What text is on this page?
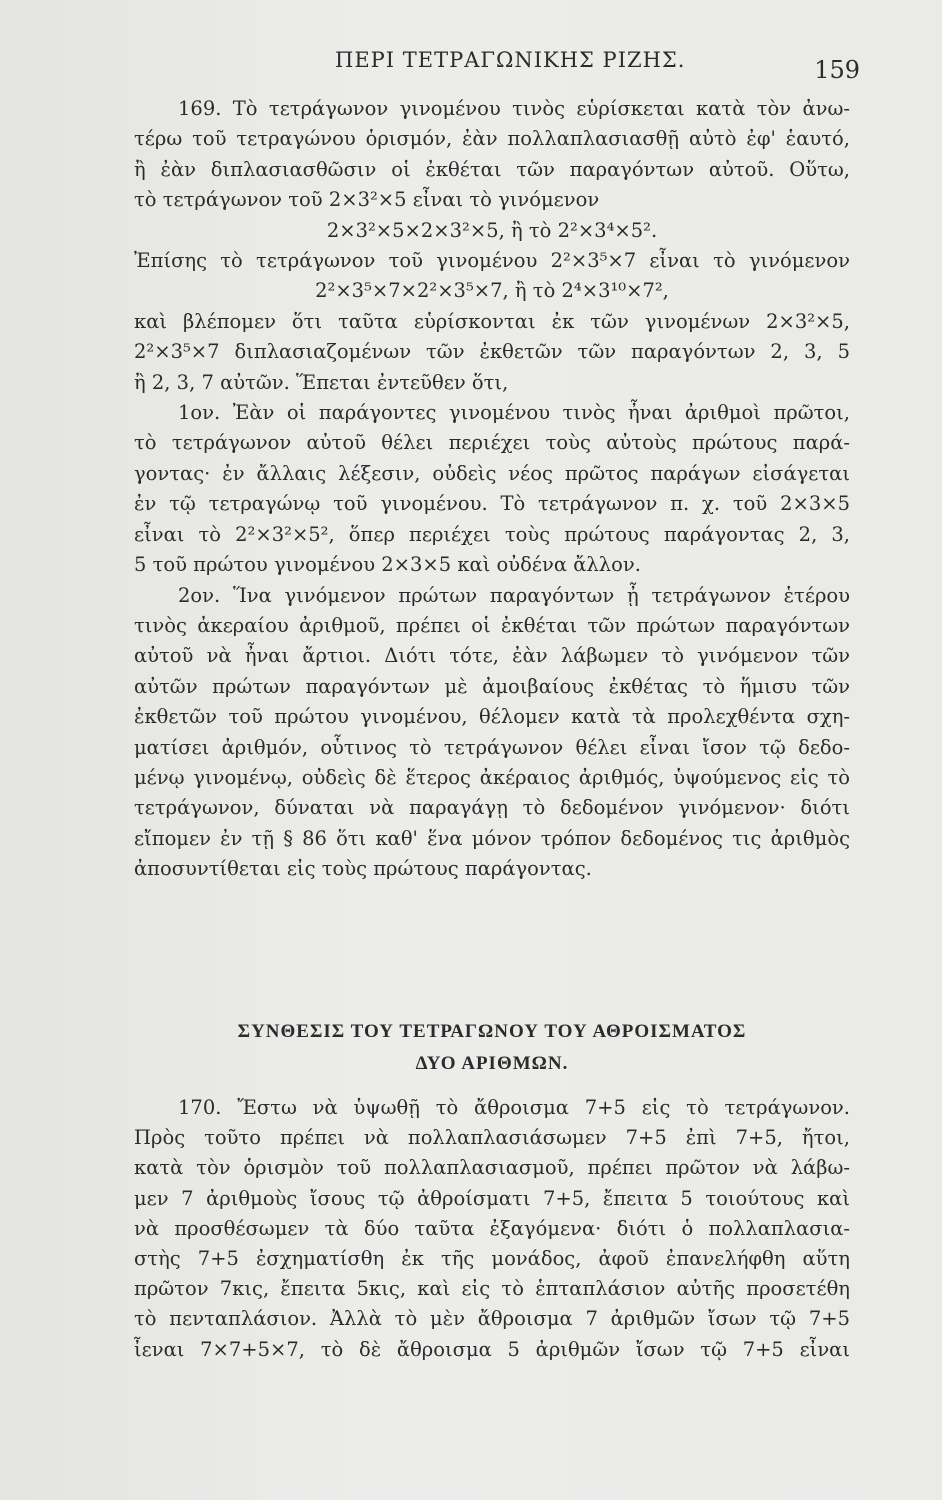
ΠΕΡΙ ΤΕΤΡΑΓΩΝΙΚΗΣ ΡΙΖΗΣ.	159
169. Τὸ τετράγωνον γινομένου τινὸς εὑρίσκεται κατὰ τὸν ἀνω-
τέρω τοῦ τετραγώνου ὁρισμόν, ἐὰν πολλαπλασιασθῇ αὐτὸ ἐφ' ἑαυτό,
ἢ ἐὰν διπλασιασθῶσιν οἱ ἐκθέται τῶν παραγόντων αὐτοῦ. Οὕτω,
τὸ τετράγωνον τοῦ 2×3²×5 εἶναι τὸ γινόμενον
2×3²×5×2×3²×5, ἢ τὸ 2²×3⁴×5².
Ἐπίσης τὸ τετράγωνον τοῦ γινομένου 2²×3⁵×7 εἶναι τὸ γινόμενον
2²×3⁵×7×2²×3⁵×7, ἢ τὸ 2⁴×3¹⁰×7²,
καὶ βλέπομεν ὅτι ταῦτα εὑρίσκονται ἐκ τῶν γινομένων 2×3²×5,
2²×3⁵×7 διπλασιαζομένων τῶν ἐκθετῶν τῶν παραγόντων 2, 3, 5
ἢ 2, 3, 7 αὐτῶν. Ἕπεται ἐντεῦθεν ὅτι,
1ον. Ἐὰν οἱ παράγοντες γινομένου τινὸς ἦναι ἀριθμοὶ πρῶτοι,
τὸ τετράγωνον αὐτοῦ θέλει περιέχει τοὺς αὐτοὺς πρώτους παρά-
γοντας· ἐν ἄλλαις λέξεσιν, οὐδεὶς νέος πρῶτος παράγων εἰσάγεται
ἐν τῷ τετραγώνῳ τοῦ γινομένου. Τὸ τετράγωνον π. χ. τοῦ 2×3×5
εἶναι τὸ 2²×3²×5², ὅπερ περιέχει τοὺς πρώτους παράγοντας 2, 3,
5 τοῦ πρώτου γινομένου 2×3×5 καὶ οὐδένα ἄλλον.
2ον. Ἵνα γινόμενον πρώτων παραγόντων ᾖ τετράγωνον ἑτέρου
τινὸς ἀκεραίου ἀριθμοῦ, πρέπει οἱ ἐκθέται τῶν πρώτων παραγόντων
αὐτοῦ νὰ ἦναι ἄρτιοι. Διότι τότε, ἐὰν λάβωμεν τὸ γινόμενον τῶν
αὐτῶν πρώτων παραγόντων μὲ ἀμοιβαίους ἐκθέτας τὸ ἥμισυ τῶν
ἐκθετῶν τοῦ πρώτου γινομένου, θέλομεν κατὰ τὰ προλεχθέντα σχη-
ματίσει ἀριθμόν, οὗτινος τὸ τετράγωνον θέλει εἶναι ἴσον τῷ δεδο-
μένῳ γινομένῳ, οὐδεὶς δὲ ἕτερος ἀκέραιος ἀριθμός, ὑψούμενος εἰς τὸ
τετράγωνον, δύναται νὰ παραγάγῃ τὸ δεδομένον γινόμενον· διότι
εἴπομεν ἐν τῇ § 86 ὅτι καθ' ἕνα μόνον τρόπον δεδομένος τις ἀριθμὸς
ἀποσυντίθεται εἰς τοὺς πρώτους παράγοντας.
ΣΥΝΘΕΣΙΣ ΤΟΥ ΤΕΤΡΑΓΩΝΟΥ ΤΟΥ ΑΘΡΟΙΣΜΑΤΟΣ
ΔΥΟ ΑΡΙΘΜΩΝ.
170. Ἔστω νὰ ὑψωθῇ τὸ ἄθροισμα 7+5 εἰς τὸ τετράγωνον.
Πρὸς τοῦτο πρέπει νὰ πολλαπλασιάσωμεν 7+5 ἐπὶ 7+5, ἤτοι,
κατὰ τὸν ὁρισμὸν τοῦ πολλαπλασιασμοῦ, πρέπει πρῶτον νὰ λάβω-
μεν 7 ἀριθμοὺς ἴσους τῷ ἀθροίσματι 7+5, ἔπειτα 5 τοιούτους καὶ
νὰ προσθέσωμεν τὰ δύο ταῦτα ἐξαγόμενα· διότι ὁ πολλαπλασια-
στὴς 7+5 ἐσχηματίσθη ἐκ τῆς μονάδος, ἀφοῦ ἐπανελήφθη αὕτη
πρῶτον 7κις, ἔπειτα 5κις, καὶ εἰς τὸ ἑπταπλάσιον αὐτῆς προσετέθη
τὸ πενταπλάσιον. Ἀλλὰ τὸ μὲν ἄθροισμα 7 ἀριθμῶν ἴσων τῷ 7+5
ἶεναι 7×7+5×7, τὸ δὲ ἄθροισμα 5 ἀριθμῶν ἴσων τῷ 7+5 εἶναι
